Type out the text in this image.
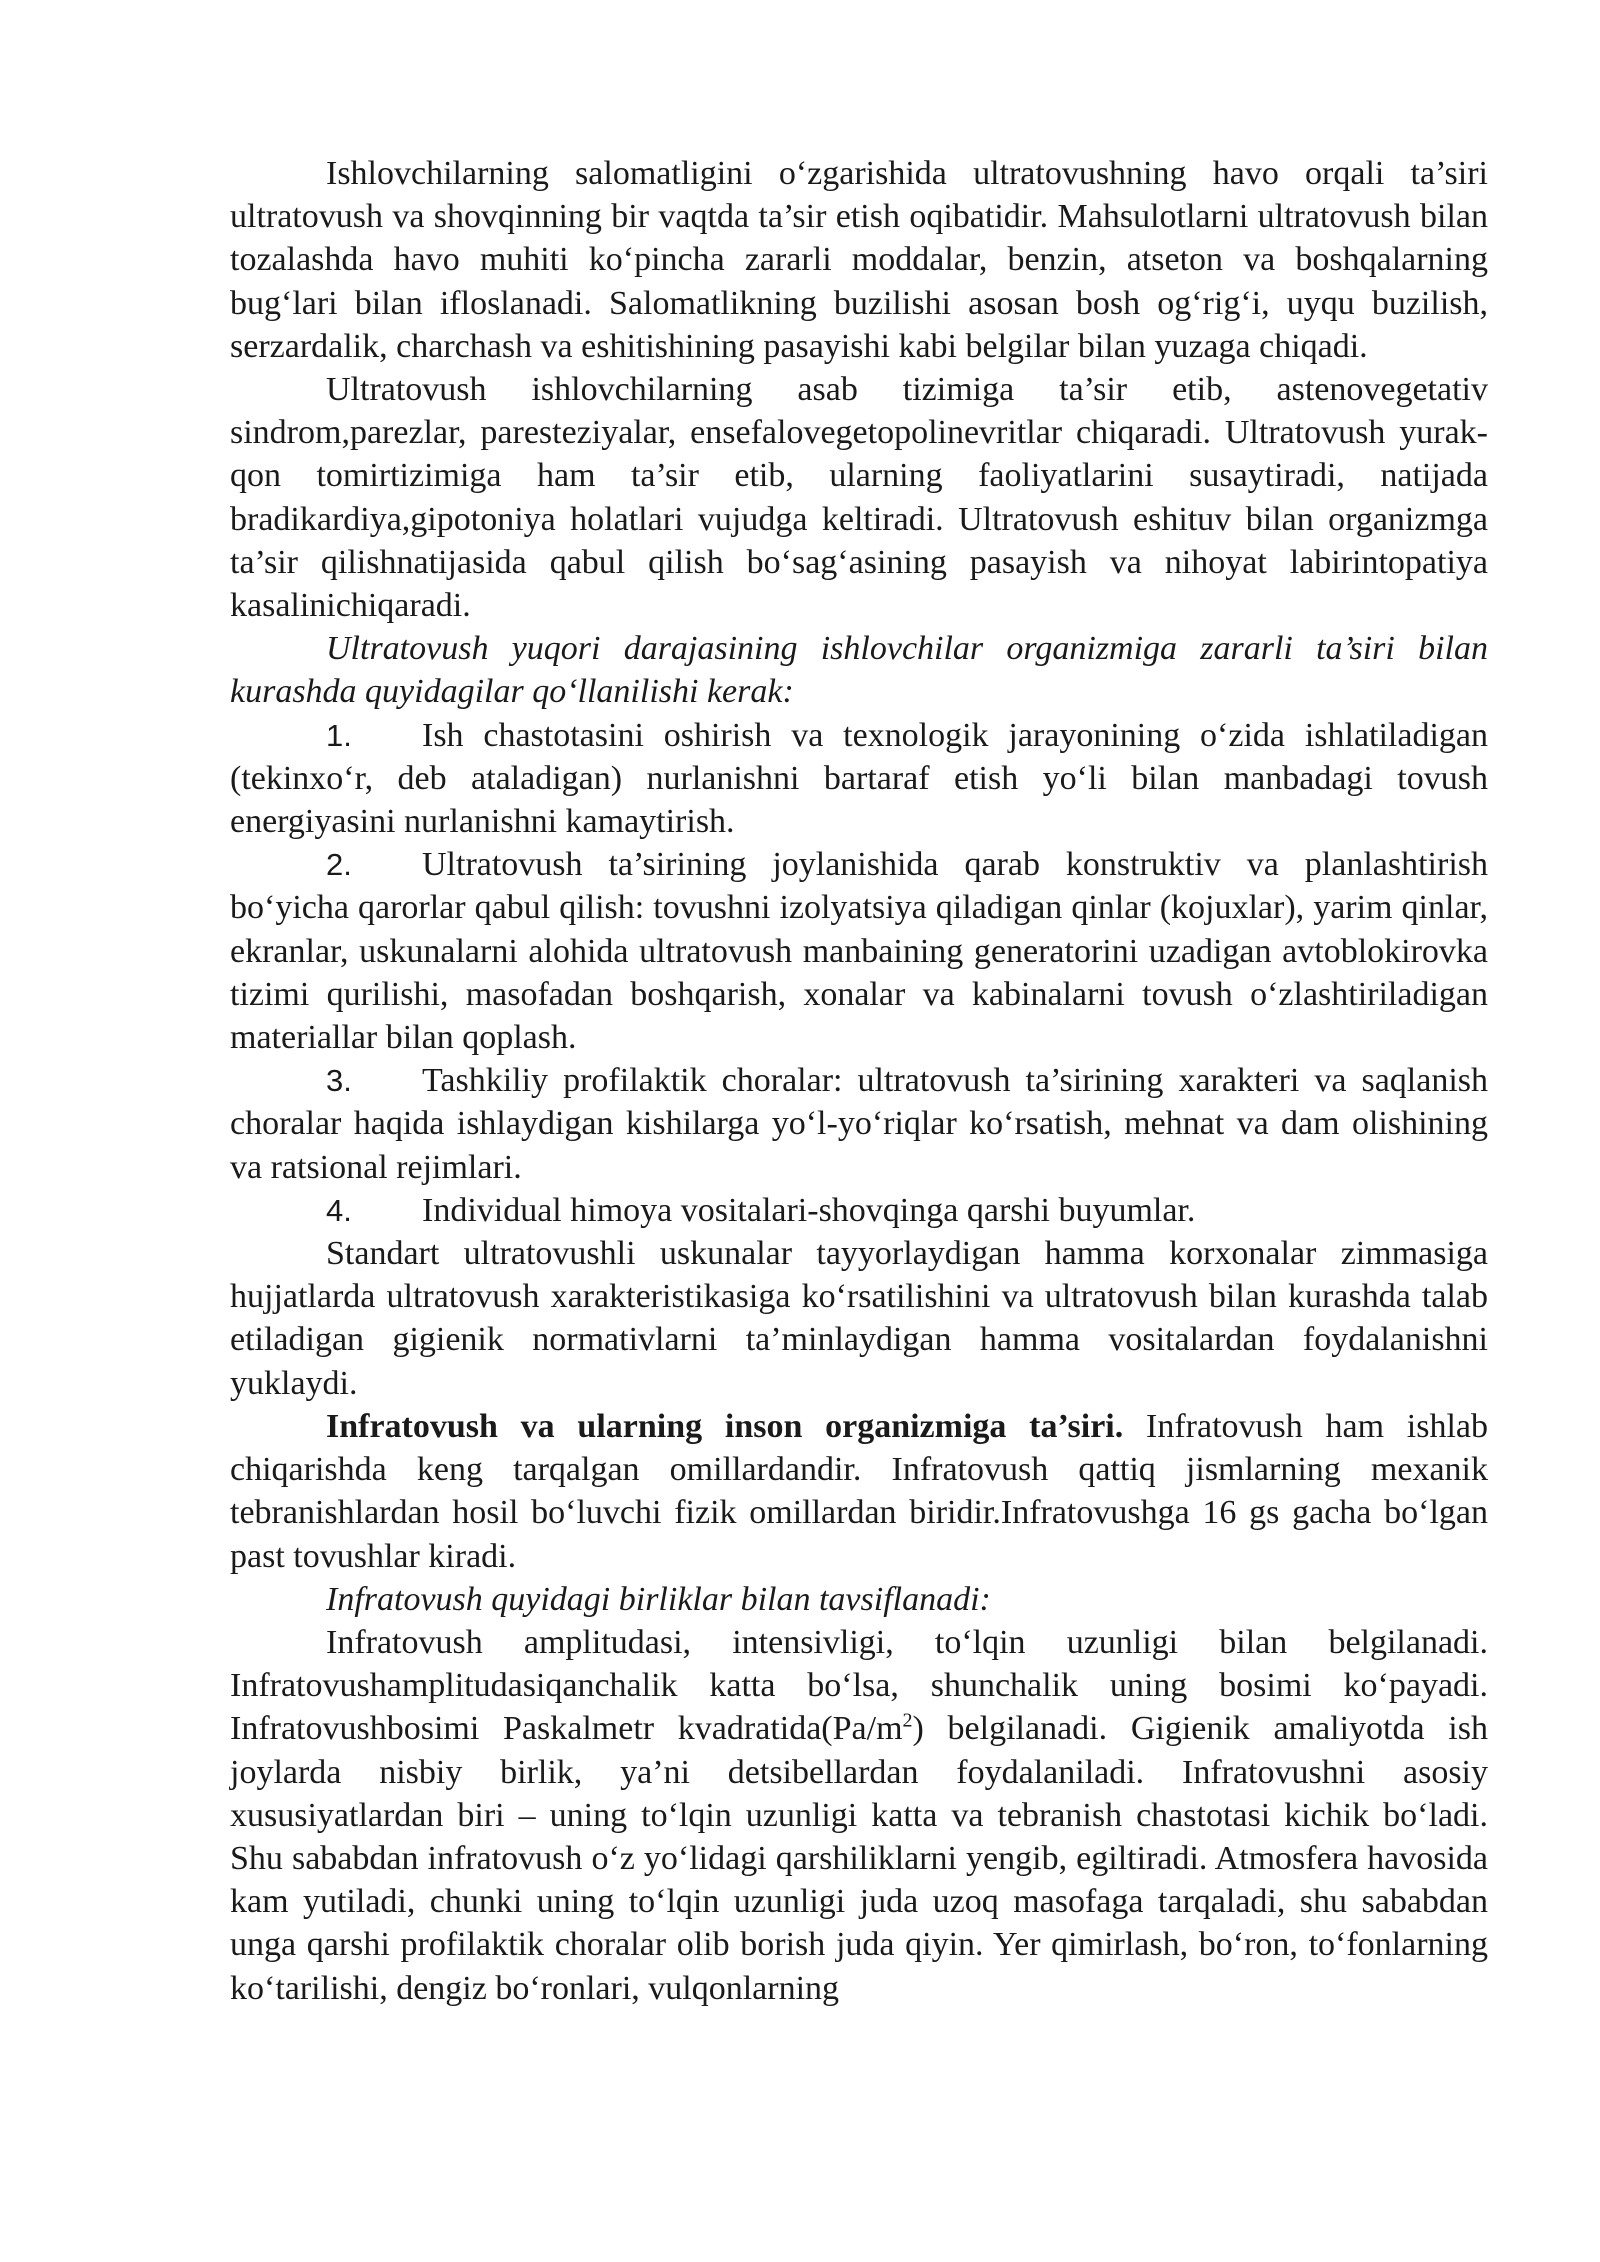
Ishlovchilarning salomatligini o‘zgarishida ultratovushning havo orqali ta’siri ultratovush va shovqinning bir vaqtda ta’sir etish oqibatidir. Mahsulotlarni ultratovush bilan tozalashda havo muhiti ko‘pincha zararli moddalar, benzin, atseton va boshqalarning bug‘lari bilan ifloslanadi. Salomatlikning buzilishi asosan bosh og‘rig‘i, uyqu buzilish, serzardalik, charchash va eshitishining pasayishi kabi belgilar bilan yuzaga chiqadi.

Ultratovush ishlovchilarning asab tizimiga ta’sir etib, astenovegetativ sindrom,parezlar, paresteziyalar, ensefalovegetopolinevritlar chiqaradi. Ultratovush yurak-qon tomirtizimiga ham ta’sir etib, ularning faoliyatlarini susaytiradi, natijada bradikardiya,gipotoniya holatlari vujudga keltiradi. Ultratovush eshituv bilan organizmga ta’sir qilishnatijasida qabul qilish bo‘sag‘asining pasayish va nihoyat labirintopatiya kasalinichiqaradi.

Ultratovush yuqori darajasining ishlovchilar organizmiga zararli ta’siri bilan kurashda quyidagilar qo‘llanilishi kerak:

1. Ish chastotasini oshirish va texnologik jarayonining o‘zida ishlatiladigan (tekinxo‘r, deb ataladigan) nurlanishni bartaraf etish yo‘li bilan manbadagi tovush energiyasini nurlanishni kamaytirish.

2. Ultratovush ta’sirining joylanishida qarab konstruktiv va planlashtirish bo‘yicha qarorlar qabul qilish: tovushni izolyatsiya qiladigan qinlar (kojuxlar), yarim qinlar, ekranlar, uskunalarni alohida ultratovush manbaining generatorini uzadigan avtoblokirovka tizimi qurilishi, masofadan boshqarish, xonalar va kabinalarni tovush o‘zlashtiriladigan materiallar bilan qoplash.

3. Tashkiliy profilaktik choralar: ultratovush ta’sirining xarakteri va saqlanish choralar haqida ishlaydigan kishilarga yo‘l-yo‘riqlar ko‘rsatish, mehnat va dam olishining va ratsional rejimlari.

4. Individual himoya vositalari-shovqinga qarshi buyumlar.

Standart ultratovushli uskunalar tayyorlaydigan hamma korxonalar zimmasiga hujjatlarda ultratovush xarakteristikasiga ko‘rsatilishini va ultratovush bilan kurashda talab etiladigan gigienik normativlarni ta’minlaydigan hamma vositalardan foydalanishni yuklaydi.

Infratovush va ularning inson organizmiga ta’siri. Infratovush ham ishlab chiqarishda keng tarqalgan omillardandir. Infratovush qattiq jismlarning mexanik tebranishlardan hosil bo‘luvchi fizik omillardan biridir.Infratovushga 16 gs gacha bo‘lgan past tovushlar kiradi.

Infratovush quyidagi birliklar bilan tavsiflanadi:

Infratovush amplitudasi, intensivligi, to‘lqin uzunligi bilan belgilanadi. Infratovushamplitudasiqanchalik katta bo‘lsa, shunchalik uning bosimi ko‘payadi. Infratovushbosimi Paskalmetr $kvadratida(Pa/m^2)$ belgilanadi. Gigienik amaliyotda ish joylarda nisbiy birlik, ya’ni detsibellardan foydalaniladi. Infratovushni asosiy xususiyatlardan biri – uning to‘lqin uzunligi katta va tebranish chastotasi kichik bo‘ladi. Shu sababdan infratovush o‘z yo‘lidagi qarshiliklarni yengib, egiltiradi. Atmosfera havosida kam yutiladi, chunki uning to‘lqin uzunligi juda uzoq masofaga tarqaladi, shu sababdan unga qarshi profilaktik choralar olib borish juda qiyin. Yer qimirlash, bo‘ron, to‘fonlarning ko‘tarilishi, dengiz bo‘ronlari, vulqonlarning
